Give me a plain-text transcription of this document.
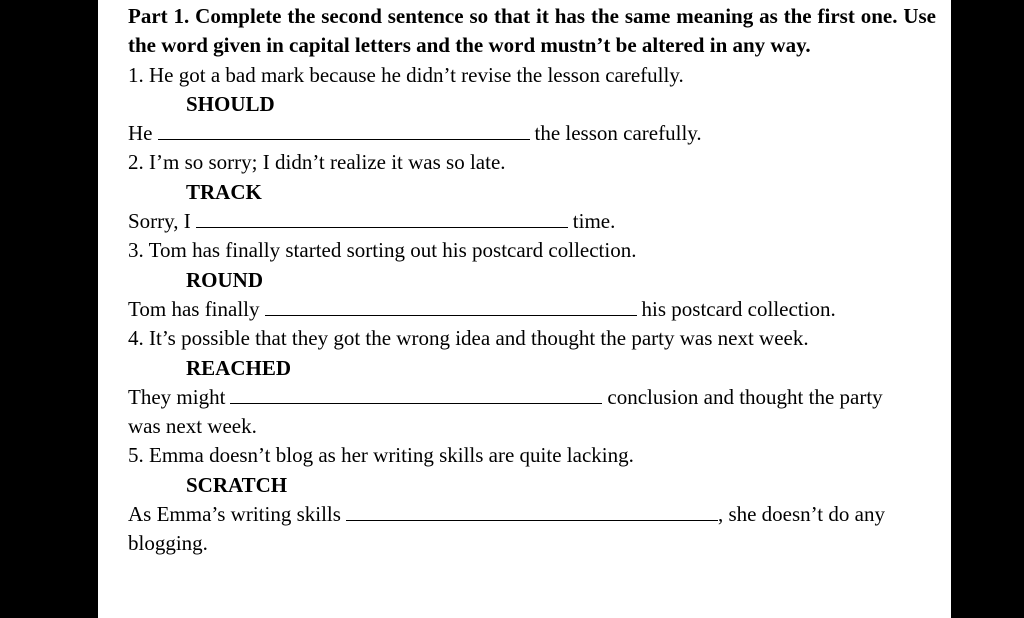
Part 1. Complete the second sentence so that it has the same meaning as the first one. Use the word given in capital letters and the word mustn’t be altered in any way.
1. He got a bad mark because he didn’t revise the lesson carefully.
SHOULD
He	the lesson carefully.
2. I’m so sorry; I didn’t realize it was so late.
TRACK
Sorry, I	time.
3. Tom has finally started sorting out his postcard collection.
ROUND
Tom has finally	his postcard collection.
4. It’s possible that they got the wrong idea and thought the party was next week.
REACHED
They might	conclusion and thought the party
was next week.
5. Emma doesn’t blog as her writing skills are quite lacking.
SCRATCH
As Emma’s writing skills	, she doesn’t do any
blogging.
